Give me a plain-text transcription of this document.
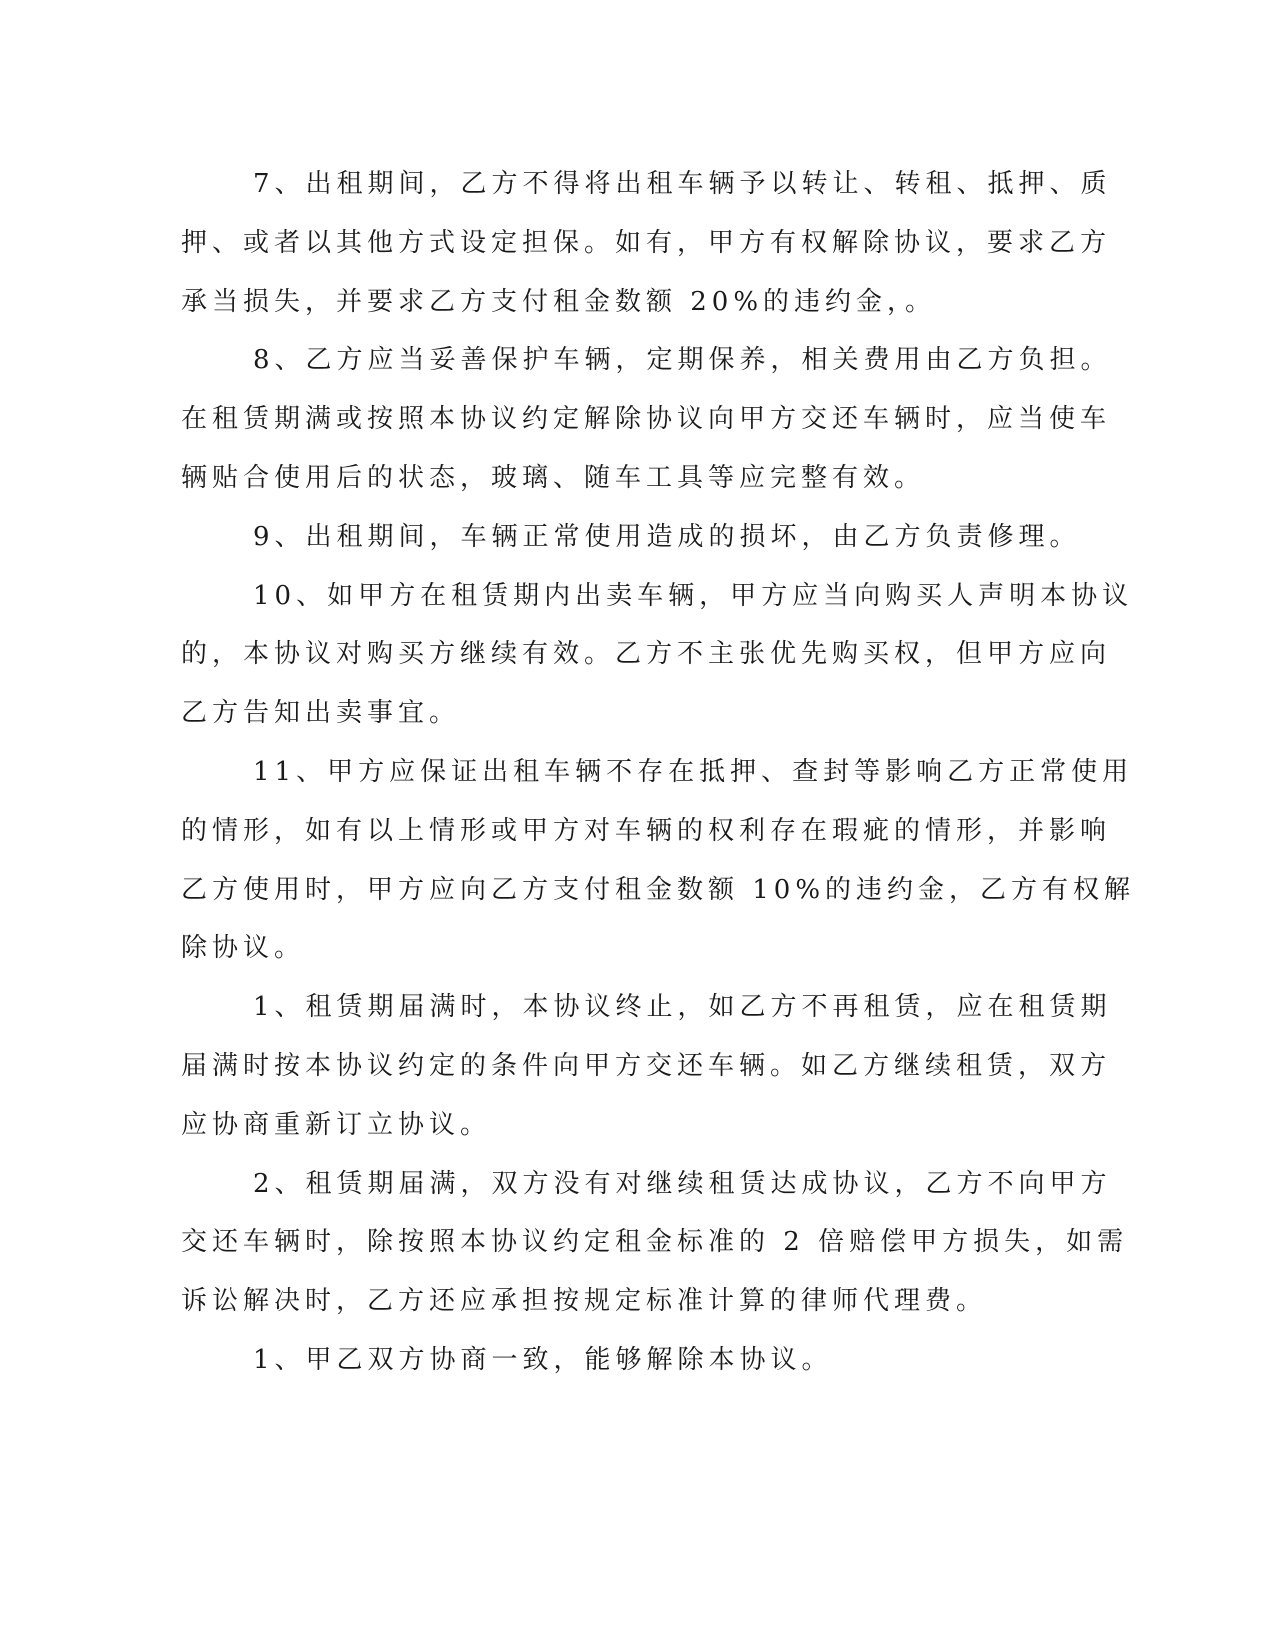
7、出租期间，乙方不得将出租车辆予以转让、转租、抵押、质
押、或者以其他方式设定担保。如有，甲方有权解除协议，要求乙方
承当损失，并要求乙方支付租金数额 20%的违约金，。

8、乙方应当妥善保护车辆，定期保养，相关费用由乙方负担。
在租赁期满或按照本协议约定解除协议向甲方交还车辆时，应当使车
辆贴合使用后的状态，玻璃、随车工具等应完整有效。

9、出租期间，车辆正常使用造成的损坏，由乙方负责修理。

10、如甲方在租赁期内出卖车辆，甲方应当向购买人声明本协议
的，本协议对购买方继续有效。乙方不主张优先购买权，但甲方应向
乙方告知出卖事宜。

11、甲方应保证出租车辆不存在抵押、查封等影响乙方正常使用
的情形，如有以上情形或甲方对车辆的权利存在瑕疵的情形，并影响
乙方使用时，甲方应向乙方支付租金数额 10%的违约金，乙方有权解
除协议。

1、租赁期届满时，本协议终止，如乙方不再租赁，应在租赁期
届满时按本协议约定的条件向甲方交还车辆。如乙方继续租赁，双方
应协商重新订立协议。

2、租赁期届满，双方没有对继续租赁达成协议，乙方不向甲方
交还车辆时，除按照本协议约定租金标准的 2 倍赔偿甲方损失，如需
诉讼解决时，乙方还应承担按规定标准计算的律师代理费。

1、甲乙双方协商一致，能够解除本协议。
